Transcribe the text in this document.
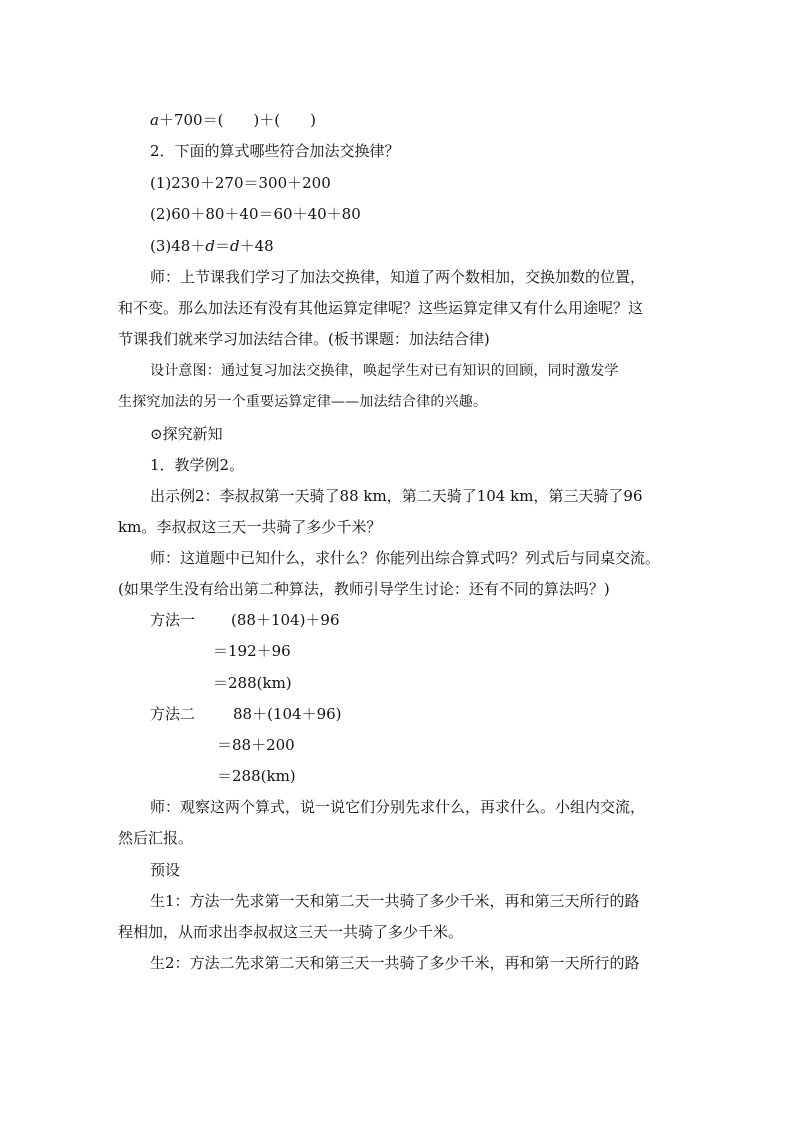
a＋700＝(　　)＋(　　)
2．下面的算式哪些符合加法交换律？
(1)230＋270＝300＋200
(2)60＋80＋40＝60＋40＋80
(3)48＋d＝d＋48
师：上节课我们学习了加法交换律，知道了两个数相加，交换加数的位置，
和不变。那么加法还有没有其他运算定律呢？这些运算定律又有什么用途呢？这
节课我们就来学习加法结合律。(板书课题：加法结合律)
设计意图：通过复习加法交换律，唤起学生对已有知识的回顾，同时激发学
生探究加法的另一个重要运算定律——加法结合律的兴趣。
⊙探究新知
1．教学例2。
出示例2：李叔叔第一天骑了88 km，第二天骑了104 km，第三天骑了96
km。李叔叔这三天一共骑了多少千米？
师：这道题中已知什么，求什么？你能列出综合算式吗？列式后与同桌交流。
(如果学生没有给出第二种算法，教师引导学生讨论：还有不同的算法吗？)
方法一 (88＋104)＋96
＝192＋96
＝288(km)
方法二	88＋(104＋96)
＝88＋200
＝288(km)
师：观察这两个算式，说一说它们分别先求什么，再求什么。小组内交流，
然后汇报。
预设
生1：方法一先求第一天和第二天一共骑了多少千米，再和第三天所行的路
程相加，从而求出李叔叔这三天一共骑了多少千米。
生2：方法二先求第二天和第三天一共骑了多少千米，再和第一天所行的路
